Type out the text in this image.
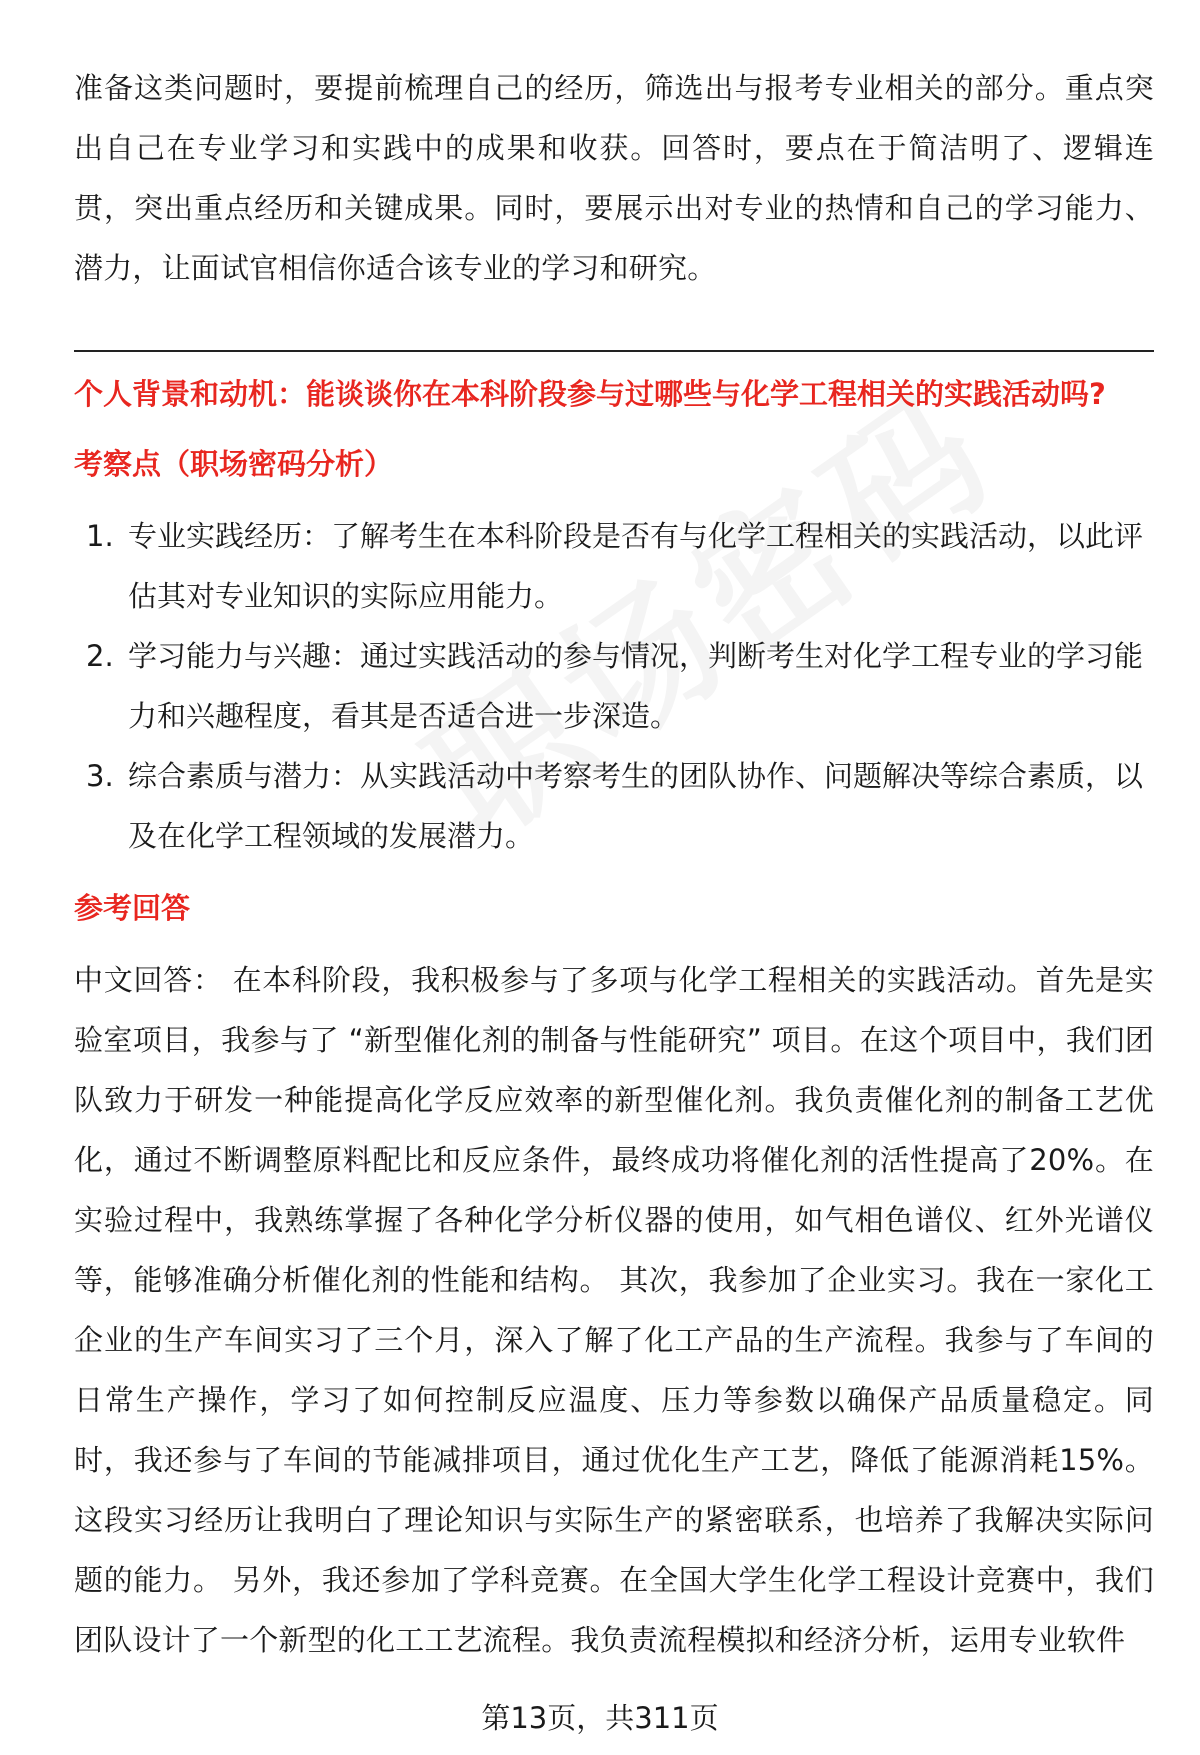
准备这类问题时，要提前梳理自己的经历，筛选出与报考专业相关的部分。重点突出自己在专业学习和实践中的成果和收获。回答时，要点在于简洁明了、逻辑连贯，突出重点经历和关键成果。同时，要展示出对专业的热情和自己的学习能力、潜力，让面试官相信你适合该专业的学习和研究。

个人背景和动机：能谈谈你在本科阶段参与过哪些与化学工程相关的实践活动吗?
考察点（职场密码分析）
1. 专业实践经历：了解考生在本科阶段是否有与化学工程相关的实践活动，以此评估其对专业知识的实际应用能力。
2. 学习能力与兴趣：通过实践活动的参与情况，判断考生对化学工程专业的学习能力和兴趣程度，看其是否适合进一步深造。
3. 综合素质与潜力：从实践活动中考察考生的团队协作、问题解决等综合素质，以及在化学工程领域的发展潜力。
参考回答

中文回答： 在本科阶段，我积极参与了多项与化学工程相关的实践活动。首先是实验室项目，我参与了 “新型催化剂的制备与性能研究” 项目。在这个项目中，我们团队致力于研发一种能提高化学反应效率的新型催化剂。我负责催化剂的制备工艺优化，通过不断调整原料配比和反应条件，最终成功将催化剂的活性提高了20%。在实验过程中，我熟练掌握了各种化学分析仪器的使用，如气相色谱仪、红外光谱仪等，能够准确分析催化剂的性能和结构。 其次，我参加了企业实习。我在一家化工企业的生产车间实习了三个月，深入了解了化工产品的生产流程。我参与了车间的日常生产操作，学习了如何控制反应温度、压力等参数以确保产品质量稳定。同时，我还参与了车间的节能减排项目，通过优化生产工艺，降低了能源消耗15%。这段实习经历让我明白了理论知识与实际生产的紧密联系，也培养了我解决实际问题的能力。 另外，我还参加了学科竞赛。在全国大学生化学工程设计竞赛中，我们团队设计了一个新型的化工工艺流程。我负责流程模拟和经济分析，运用专业软件

第13页，共311页
